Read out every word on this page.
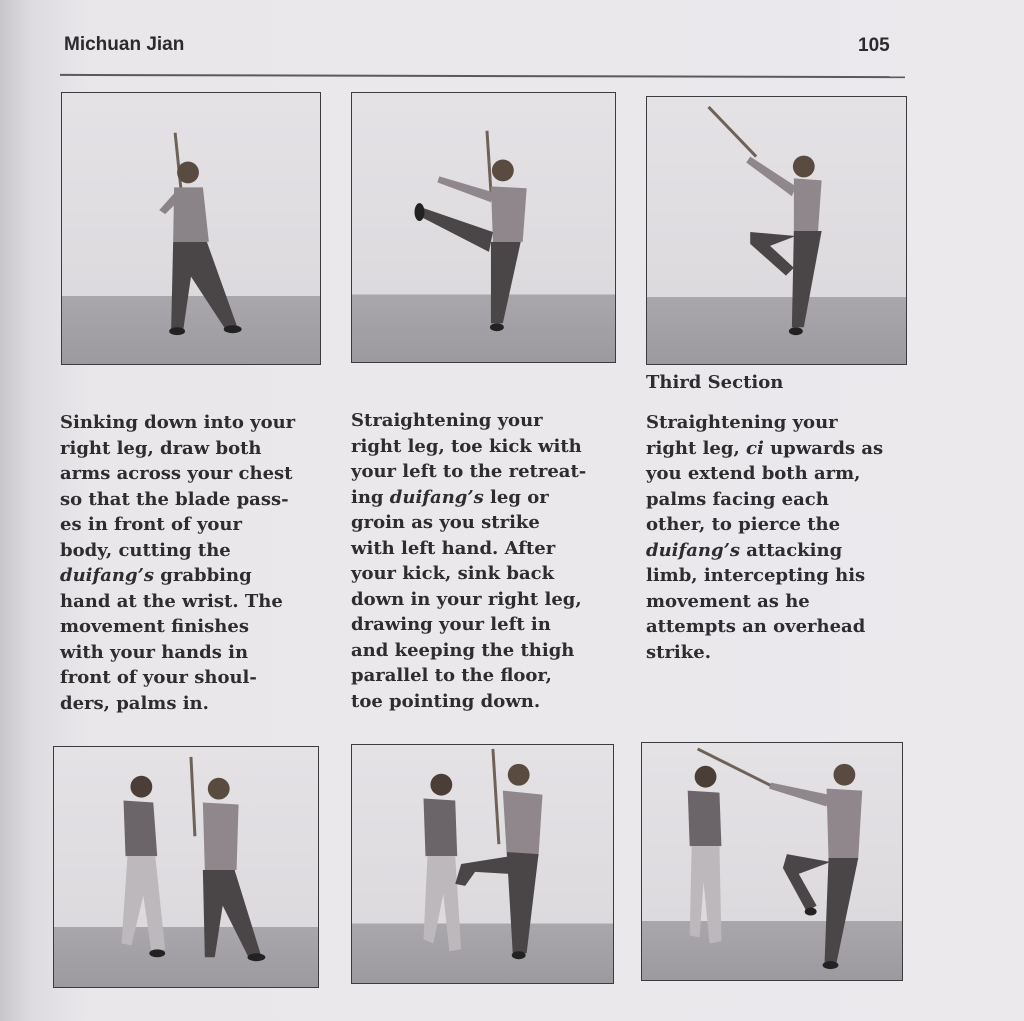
Michuan Jian	105
Third Section
Sinking down into your
right leg, draw both
arms across your chest
so that the blade pass-
es in front of your
body, cutting the
duifang’s grabbing
hand at the wrist. The
movement finishes
with your hands in
front of your shoul-
ders, palms in.
Straightening your
right leg, toe kick with
your left to the retreat-
ing duifang’s leg or
groin as you strike
with left hand. After
your kick, sink back
down in your right leg,
drawing your left in
and keeping the thigh
parallel to the floor,
toe pointing down.
Straightening your
right leg, ci upwards as
you extend both arm,
palms facing each
other, to pierce the
duifang’s attacking
limb, intercepting his
movement as he
attempts an overhead
strike.
